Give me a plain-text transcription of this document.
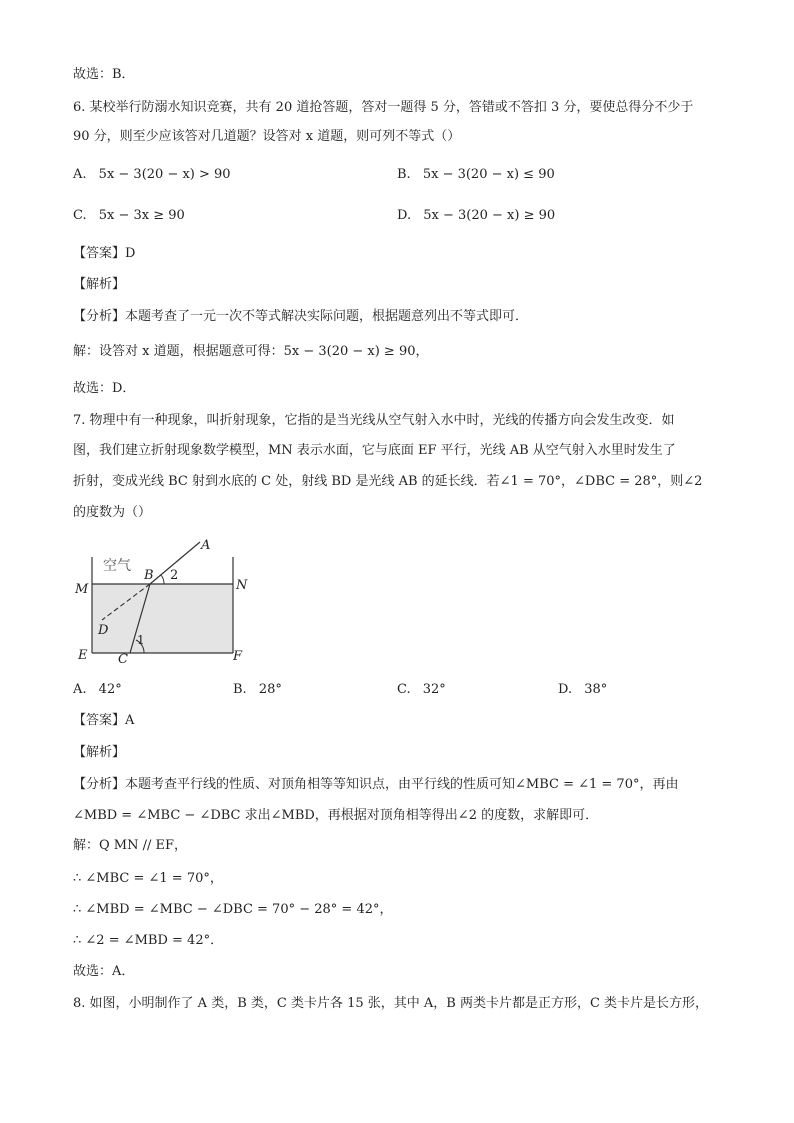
故选：B．
6. 某校举行防溺水知识竞赛，共有 20 道抢答题，答对一题得 5 分，答错或不答扣 3 分，要使总得分不少于
90 分，则至少应该答对几道题？设答对 x 道题，则可列不等式（）
A. 5x − 3(20 − x) > 90	B. 5x − 3(20 − x) ≤ 90
C. 5x − 3x ≥ 90	D. 5x − 3(20 − x) ≥ 90
【答案】D
【解析】
【分析】本题考查了一元一次不等式解决实际问题，根据题意列出不等式即可．
解：设答对 x 道题，根据题意可得：5x − 3(20 − x) ≥ 90，
故选：D．
7. 物理中有一种现象，叫折射现象，它指的是当光线从空气射入水中时，光线的传播方向会发生改变．如
图，我们建立折射现象数学模型，MN 表示水面，它与底面 EF 平行，光线 AB 从空气射入水里时发生了
折射，变成光线 BC 射到水底的 C 处，射线 BD 是光线 AB 的延长线．若∠1 = 70°，∠DBC = 28°，则∠2
的度数为（）
空气
A
B 2
M	N
D
1
E C	F
A. 42°	B. 28°	C. 32°	D. 38°
【答案】A
【解析】
【分析】本题考查平行线的性质、对顶角相等等知识点，由平行线的性质可知∠MBC = ∠1 = 70°，再由
∠MBD = ∠MBC − ∠DBC 求出∠MBD，再根据对顶角相等得出∠2 的度数，求解即可．
解：Q MN // EF，
∴ ∠MBC = ∠1 = 70°，
∴ ∠MBD = ∠MBC − ∠DBC = 70° − 28° = 42°，
∴ ∠2 = ∠MBD = 42°．
故选：A．
8. 如图，小明制作了 A 类，B 类，C 类卡片各 15 张，其中 A，B 两类卡片都是正方形，C 类卡片是长方形，
